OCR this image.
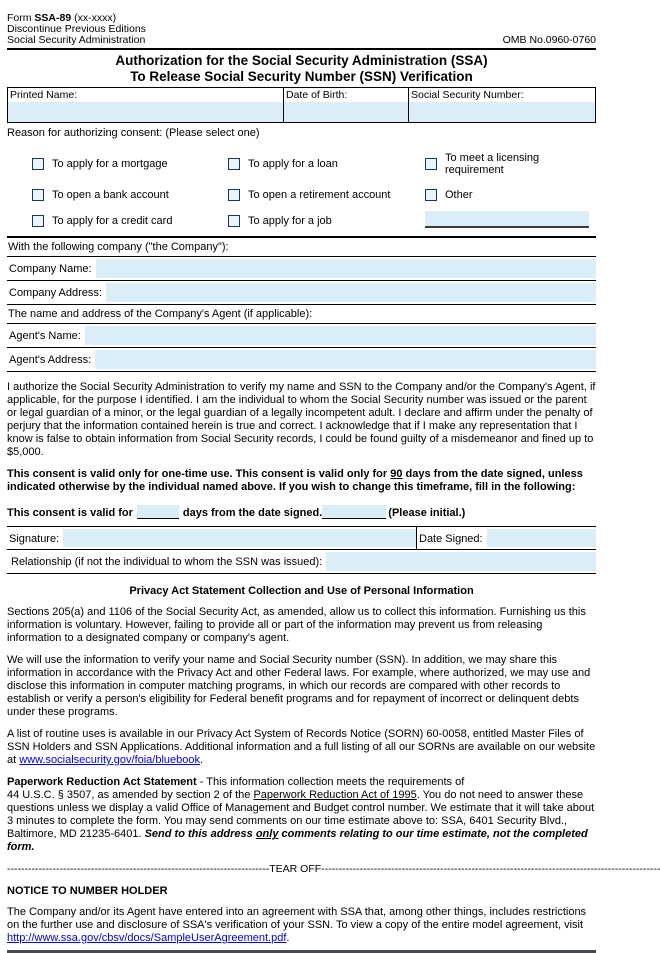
Form SSA-89 (xx-xxxx)
Discontinue Previous Editions
Social Security Administration	OMB No.0960-0760
Authorization for the Social Security Administration (SSA)
To Release Social Security Number (SSN) Verification
Printed Name:	Date of Birth:	Social Security Number:
Reason for authorizing consent: (Please select one)
To apply for a mortgage	To apply for a loan	To meet a licensing requirement
To open a bank account	To open a retirement account	Other
To apply for a credit card	To apply for a job
With the following company ("the Company"):
Company Name:
Company Address:
The name and address of the Company's Agent (if applicable):
Agent's Name:
Agent's Address:
I authorize the Social Security Administration to verify my name and SSN to the Company and/or the Company's Agent, if applicable, for the purpose I identified. I am the individual to whom the Social Security number was issued or the parent or legal guardian of a minor, or the legal guardian of a legally incompetent adult. I declare and affirm under the penalty of perjury that the information contained herein is true and correct. I acknowledge that if I make any representation that I know is false to obtain information from Social Security records, I could be found guilty of a misdemeanor and fined up to $5,000.
This consent is valid only for one-time use. This consent is valid only for 90 days from the date signed, unless indicated otherwise by the individual named above. If you wish to change this timeframe, fill in the following:
This consent is valid for	days from the date signed.	(Please initial.)
Signature:	Date Signed:
Relationship (if not the individual to whom the SSN was issued):
Privacy Act Statement Collection and Use of Personal Information
Sections 205(a) and 1106 of the Social Security Act, as amended, allow us to collect this information. Furnishing us this information is voluntary. However, failing to provide all or part of the information may prevent us from releasing information to a designated company or company's agent.
We will use the information to verify your name and Social Security number (SSN). In addition, we may share this information in accordance with the Privacy Act and other Federal laws. For example, where authorized, we may use and disclose this information in computer matching programs, in which our records are compared with other records to establish or verify a person's eligibility for Federal benefit programs and for repayment of incorrect or delinquent debts under these programs.
A list of routine uses is available in our Privacy Act System of Records Notice (SORN) 60-0058, entitled Master Files of SSN Holders and SSN Applications. Additional information and a full listing of all our SORNs are available on our website at www.socialsecurity.gov/foia/bluebook.
Paperwork Reduction Act Statement - This information collection meets the requirements of
44 U.S.C. § 3507, as amended by section 2 of the Paperwork Reduction Act of 1995. You do not need to answer these questions unless we display a valid Office of Management and Budget control number. We estimate that it will take about 3 minutes to complete the form. You may send comments on our time estimate above to: SSA, 6401 Security Blvd., Baltimore, MD 21235-6401. Send to this address only comments relating to our time estimate, not the completed form.
---------------------------------------------------------------------------TEAR OFF-------------------------------------------------------------------------------------------------
NOTICE TO NUMBER HOLDER
The Company and/or its Agent have entered into an agreement with SSA that, among other things, includes restrictions on the further use and disclosure of SSA's verification of your SSN. To view a copy of the entire model agreement, visit http://www.ssa.gov/cbsv/docs/SampleUserAgreement.pdf.
